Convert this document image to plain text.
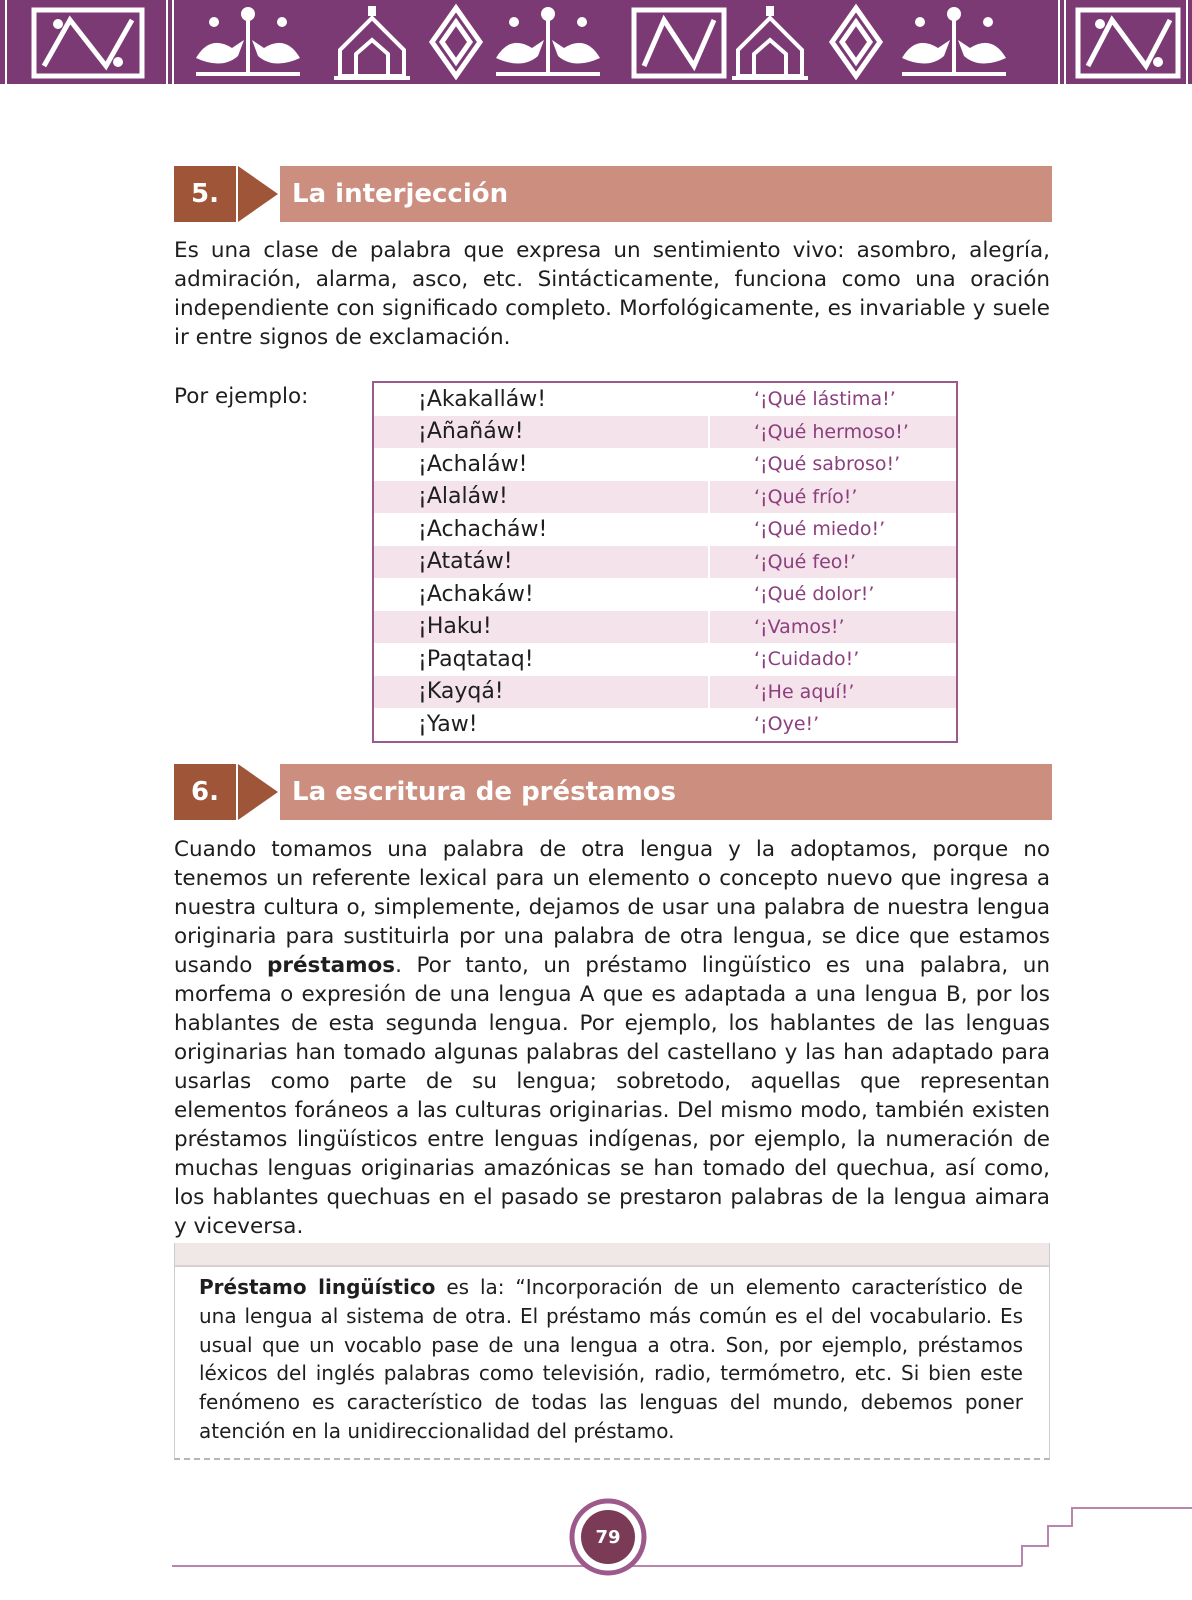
5.	La interjección

Es una clase de palabra que expresa un sentimiento vivo: asombro, alegría, admiración, alarma, asco, etc. Sintácticamente, funciona como una oración independiente con significado completo. Morfológicamente, es invariable y suele ir entre signos de exclamación.

Por ejemplo:	¡Akakalláw!		‘¡Qué lástima!’
¡Añañáw!		‘¡Qué hermoso!’
¡Achaláw!		‘¡Qué sabroso!’
¡Alaláw!		‘¡Qué frío!’
¡Achacháw!		‘¡Qué miedo!’
¡Atatáw!		‘¡Qué feo!’
¡Achakáw!		‘¡Qué dolor!’
¡Haku!		‘¡Vamos!’
¡Paqtataq!		‘¡Cuidado!’
¡Kayqá!		‘¡He aquí!’
¡Yaw!		‘¡Oye!’
6.	La escritura de préstamos

Cuando tomamos una palabra de otra lengua y la adoptamos, porque no tenemos un referente lexical para un elemento o concepto nuevo que ingresa a nuestra cultura o, simplemente, dejamos de usar una palabra de nuestra lengua originaria para sustituirla por una palabra de otra lengua, se dice que estamos usando préstamos. Por tanto, un préstamo lingüístico es una palabra, un morfema o expresión de una lengua A que es adaptada a una lengua B, por los hablantes de esta segunda lengua. Por ejemplo, los hablantes de las lenguas originarias han tomado algunas palabras del castellano y las han adaptado para usarlas como parte de su lengua; sobretodo, aquellas que representan elementos foráneos a las culturas originarias. Del mismo modo, también existen préstamos lingüísticos entre lenguas indígenas, por ejemplo, la numeración de muchas lenguas originarias amazónicas se han tomado del quechua, así como, los hablantes quechuas en el pasado se prestaron palabras de la lengua aimara y viceversa.

Préstamo lingüístico es la: “Incorporación de un elemento característico de una lengua al sistema de otra. El préstamo más común es el del vocabulario. Es usual que un vocablo pase de una lengua a otra. Son, por ejemplo, préstamos léxicos del inglés palabras como televisión, radio, termómetro, etc. Si bien este fenómeno es característico de todas las lenguas del mundo, debemos poner atención en la unidireccionalidad del préstamo.

79
